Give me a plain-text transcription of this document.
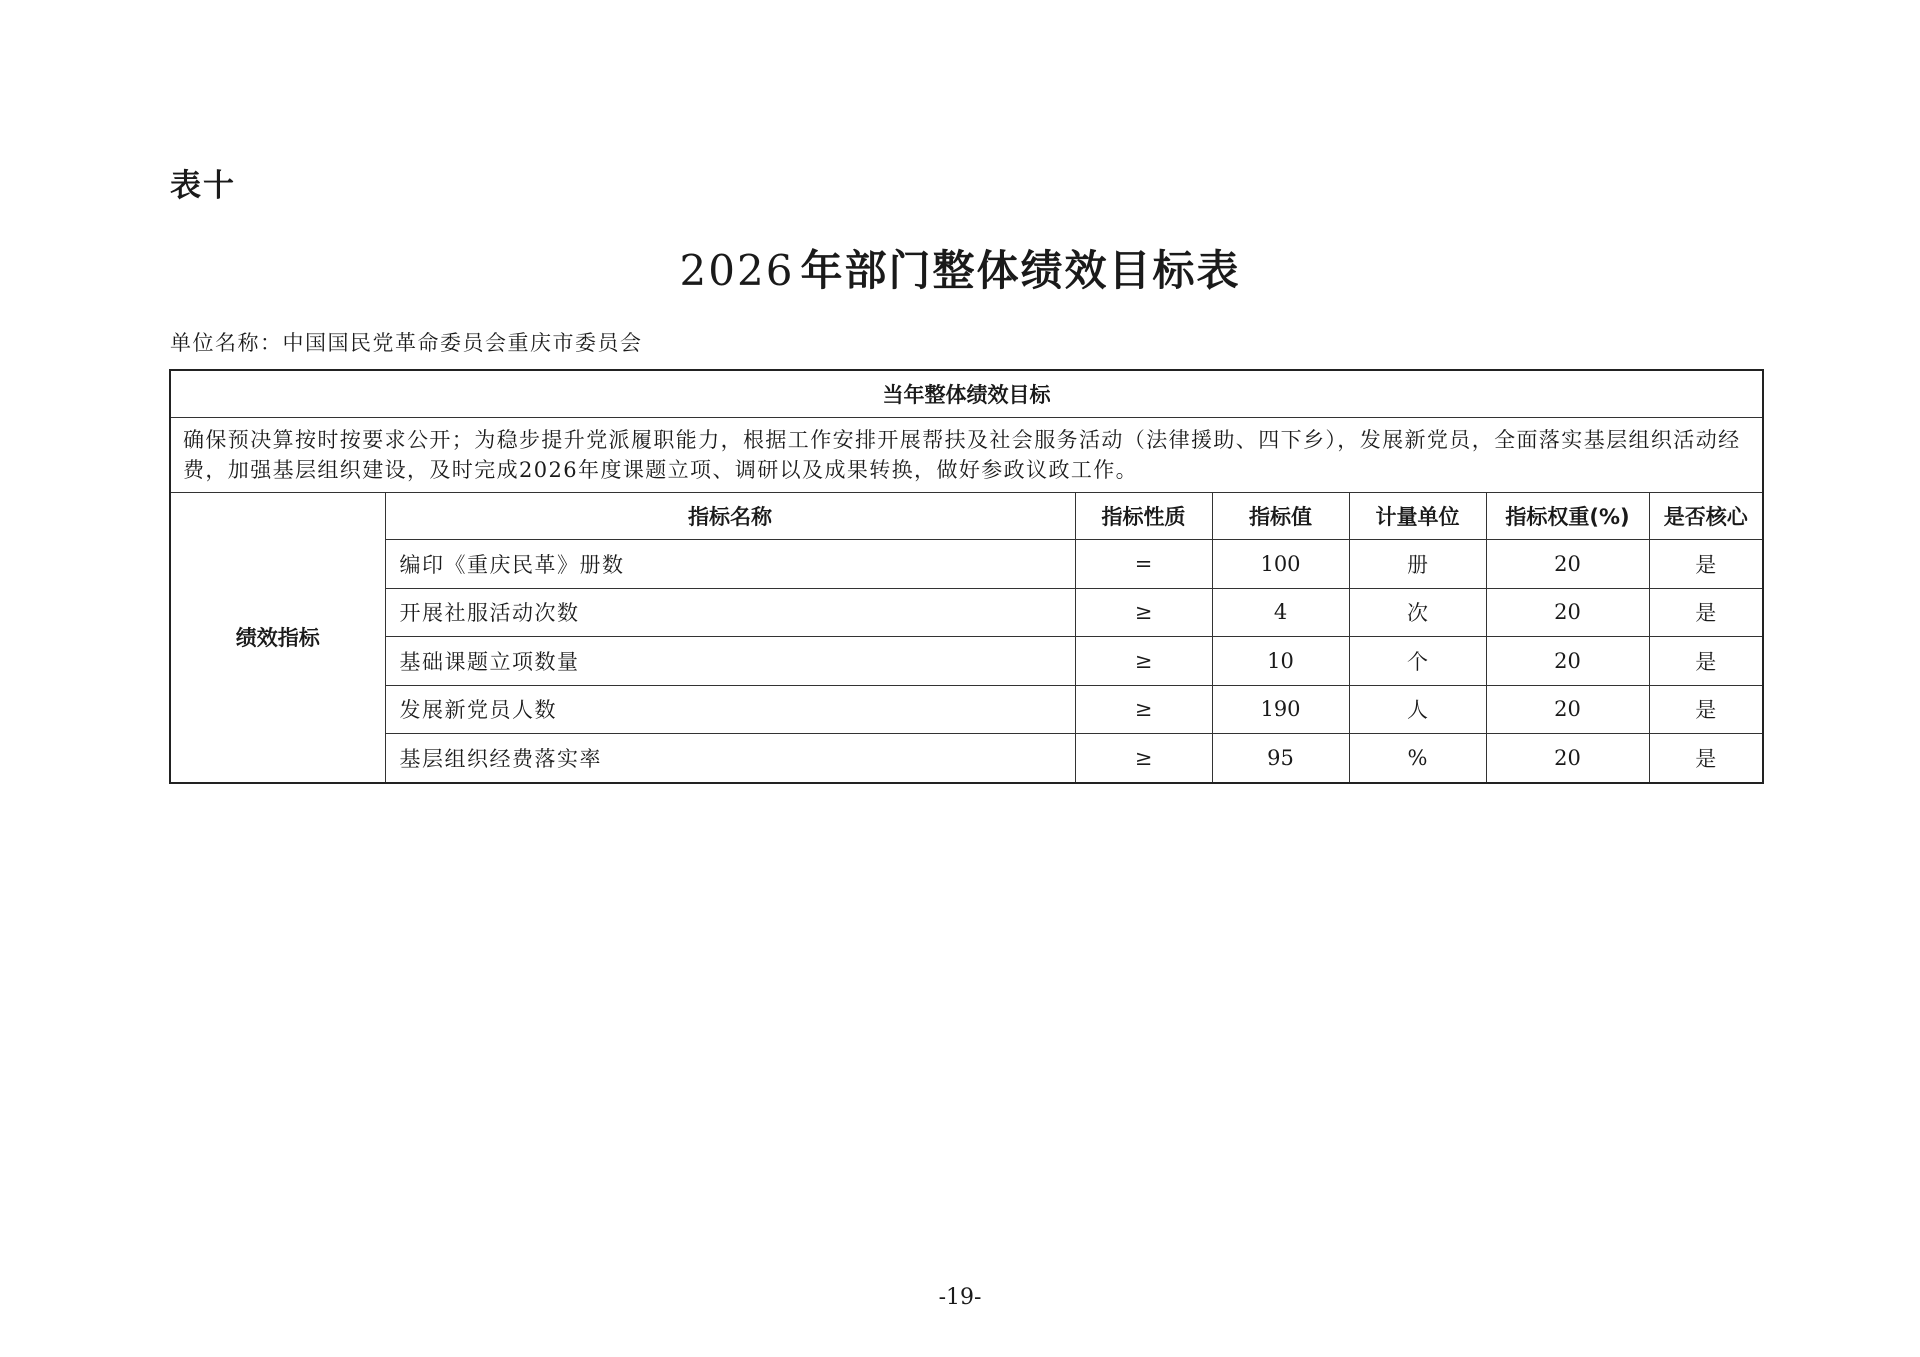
表十
2026 年部门整体绩效目标表
单位名称：中国国民党革命委员会重庆市委员会
当年整体绩效目标						
确保预决算按时按要求公开；为稳步提升党派履职能力，根据工作安排开展帮扶及社会服务活动（法律援助、四下乡），发展新党员，全面落实基层组织活动经费，加强基层组织建设，及时完成2026年度课题立项、调研以及成果转换，做好参政议政工作。						
绩效指标	指标名称	指标性质	指标值	计量单位	指标权重(%)	是否核心
	编印《重庆民革》册数	=	100	册	20	是
	开展社服活动次数	≥	4	次	20	是
	基础课题立项数量	≥	10	个	20	是
	发展新党员人数	≥	190	人	20	是
	基层组织经费落实率	≥	95	%	20	是
-19-
